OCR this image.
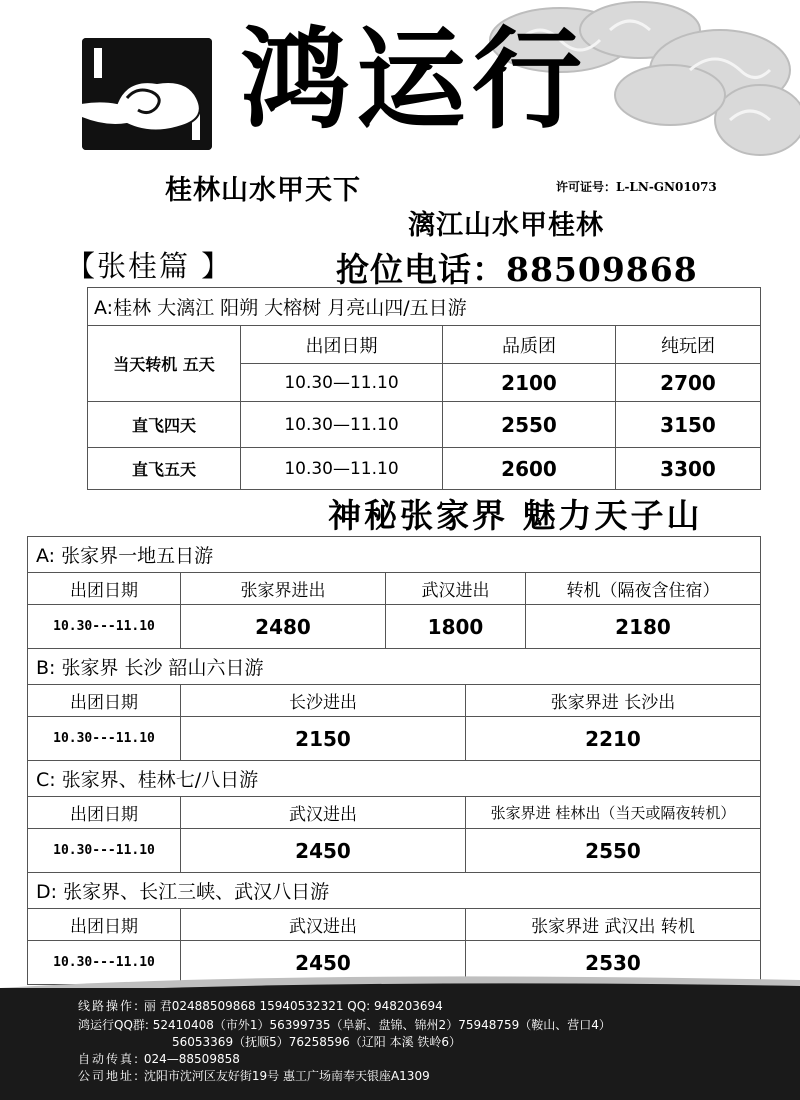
鸿运行
桂林山水甲天下
漓江山水甲桂林
许可证号：L-LN-GN01073
【张桂篇 】	抢位电话：88509868
A:桂林 大漓江 阳朔 大榕树 月亮山四/五日游			
当天转机 五天	出团日期	品质团	纯玩团
	10.30—11.10	2100	2700
直飞四天	10.30—11.10	2550	3150
直飞五天	10.30—11.10	2600	3300
神秘张家界 魅力天子山
A: 张家界一地五日游				
出团日期	张家界进出	武汉进出		转机（隔夜含住宿）
10.30---11.10	2480	1800		2180
B: 张家界 长沙 韶山六日游				
出团日期	长沙进出		张家界进 长沙出	
10.30---11.10	2150		2210	
C: 张家界、桂林七/八日游				
出团日期	武汉进出		张家界进 桂林出（当天或隔夜转机）	
10.30---11.10	2450		2550	
D: 张家界、长江三峡、武汉八日游				
出团日期	武汉进出		张家界进 武汉出 转机	
10.30---11.10	2450		2530	
线路操作: 丽 君02488509868 15940532321 QQ: 948203694
鸿运行QQ群: 52410408（市外1）56399735（阜新、盘锦、锦州2）75948759（鞍山、营口4）
56053369（抚顺5）76258596（辽阳 本溪 铁岭6）
自动传真: 024—88509858
公司地址: 沈阳市沈河区友好街19号 惠工广场南奉天银座A1309
